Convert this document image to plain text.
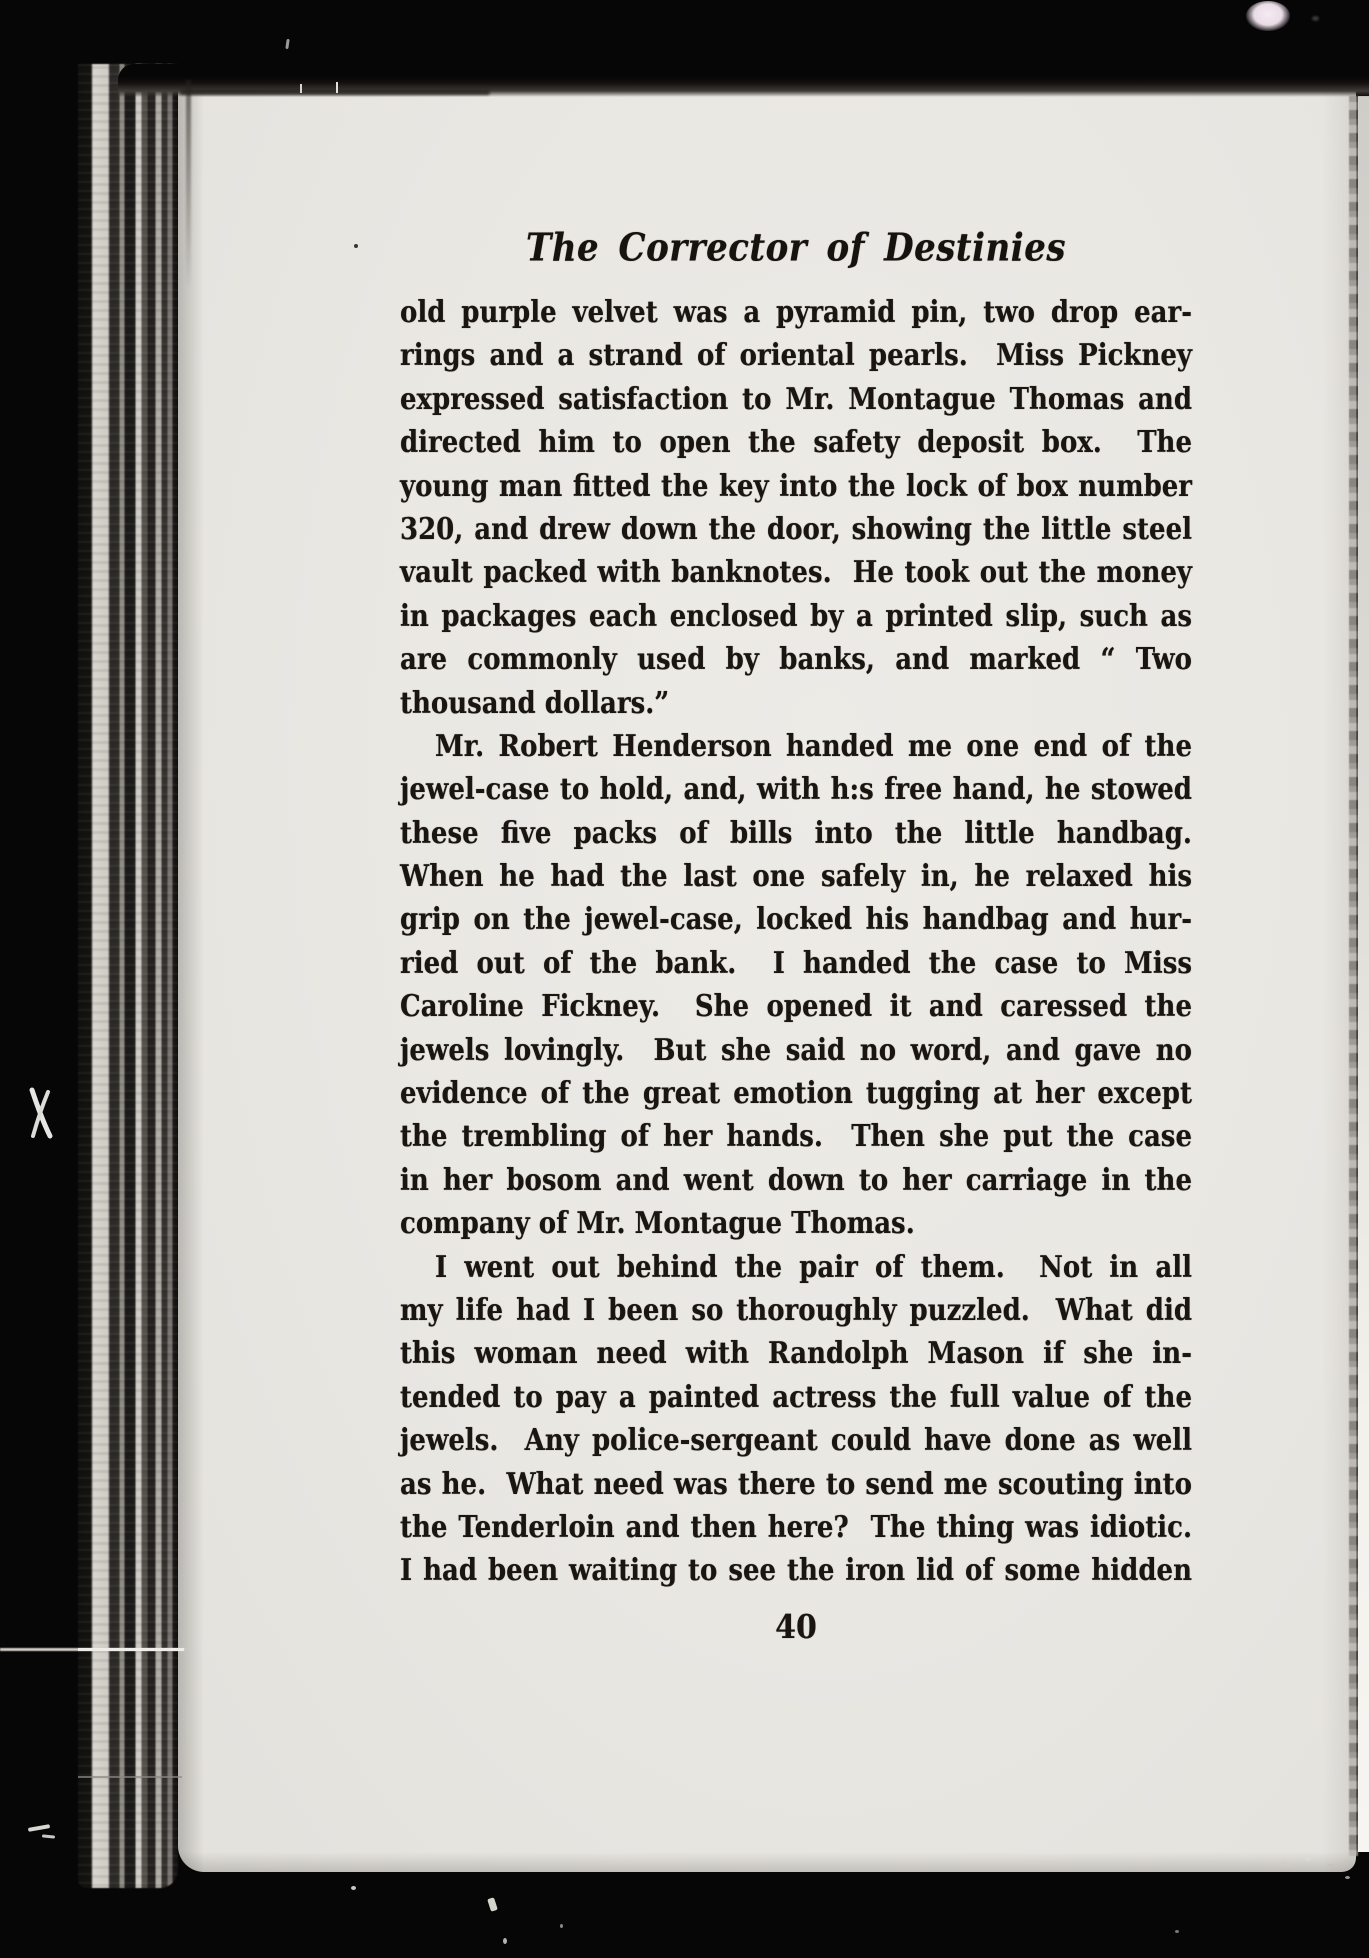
The Corrector of Destinies
old purple velvet was a pyramid pin, two drop ear-
rings and a strand of oriental pearls.  Miss Pickney
expressed satisfaction to Mr. Montague Thomas and
directed him to open the safety deposit box.  The
young man fitted the key into the lock of box number
320, and drew down the door, showing the little steel
vault packed with banknotes.  He took out the money
in packages each enclosed by a printed slip, such as
are commonly used by banks, and marked “ Two
thousand dollars.”
Mr. Robert Henderson handed me one end of the
jewel-case to hold, and, with h:s free hand, he stowed
these five packs of bills into the little handbag.
When he had the last one safely in, he relaxed his
grip on the jewel-case, locked his handbag and hur-
ried out of the bank.  I handed the case to Miss
Caroline Fickney.  She opened it and caressed the
jewels lovingly.  But she said no word, and gave no
evidence of the great emotion tugging at her except
the trembling of her hands.  Then she put the case
in her bosom and went down to her carriage in the
company of Mr. Montague Thomas.
I went out behind the pair of them.  Not in all
my life had I been so thoroughly puzzled.  What did
this woman need with Randolph Mason if she in-
tended to pay a painted actress the full value of the
jewels.  Any police-sergeant could have done as well
as he.  What need was there to send me scouting into
the Tenderloin and then here?  The thing was idiotic.
I had been waiting to see the iron lid of some hidden
40
